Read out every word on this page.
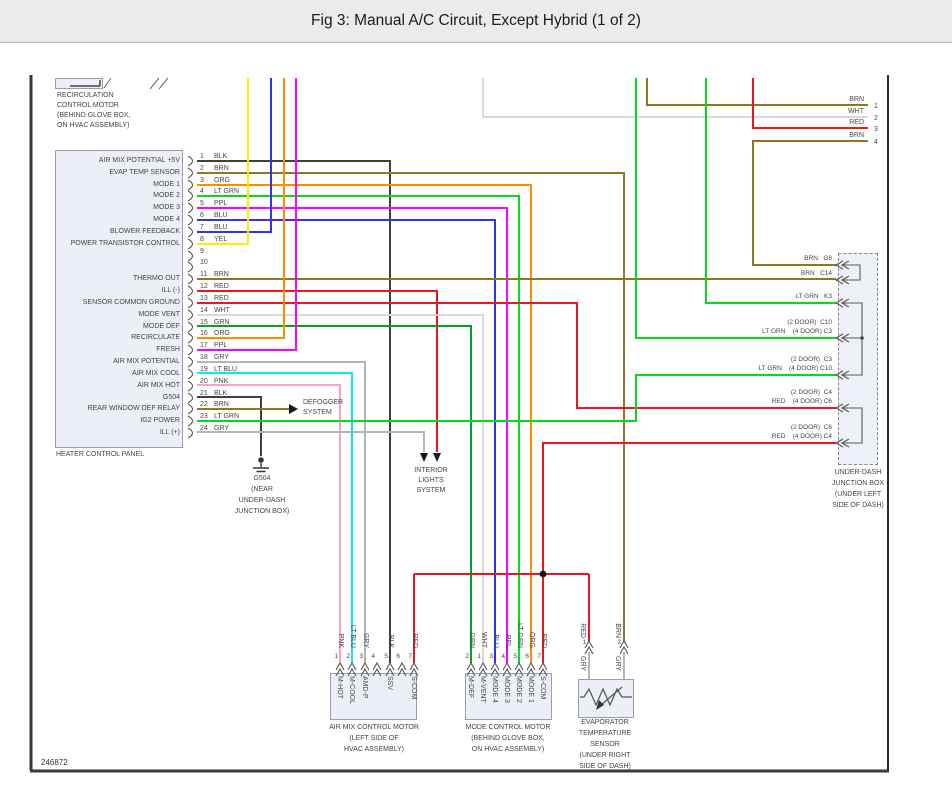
Fig 3: Manual A/C Circuit, Except Hybrid (1 of 2)
RECIRCULATION
CONTROL MOTOR
(BEHIND GLOVE BOX,
ON HVAC ASSEMBLY)
HEATER CONTROL PANEL
DEFOGGER
SYSTEM
INTERIOR
LIGHTS
SYSTEM
G504
(NEAR
UNDER-DASH
JUNCTION BOX)
UNDER-DASH
JUNCTION BOX
(UNDER LEFT
SIDE OF DASH)
AIR MIX CONTROL MOTOR
(LEFT SIDE OF
HVAC ASSEMBLY)
MODE CONTROL MOTOR
(BEHIND GLOVE BOX,
ON HVAC ASSEMBLY)
EVAPORATOR
TEMPERATURE
SENSOR
(UNDER RIGHT
SIDE OF DASH)
246872
AIR MIX POTENTIAL +5V
1 BLK
EVAP TEMP SENSOR
2 BRN
MODE 1
3 ORG
MODE 2
4 LT GRN
MODE 3
5 PPL
MODE 4
6 BLU
BLOWER FEEDBACK
7 BLU
POWER TRANSISTOR CONTROL
8 YEL
9
10
THERMO OUT
11 BRN
ILL (-)
12 RED
SENSOR COMMON GROUND
13 RED
MODE VENT
14 WHT
MODE DEF
15 GRN
RECIRCULATE
16 ORG
FRESH
17 PPL
AIR MIX POTENTIAL
18 GRY
AIR MIX COOL
19 LT BLU
AIR MIX HOT
20 PNK
G504
21 BLK
REAR WINDOW DEF RELAY
22 BRN
IG2 POWER
23 LT GRN
ILL (+)
24 GRY
BRN
1
WHT
2
RED
3
BRN
4
BRN   G8
BRN   C14
LT GRN   K3
(2 DOOR)  C10
LT GRN    (4 DOOR) C3
(2 DOOR)  C3
LT GRN    (4 DOOR) C10
(2 DOOR)  C4
RED    (4 DOOR) C6
(2 DOOR)  C6
RED    (4 DOOR) C4
1
PNK
M-HOT
2
LT BLU
M-COOL
3
GRY
AMD-P
4	5
BLK
SSV
6	7
RED
S-COM
2
GRN
M-DEF
1
WHT
M-VENT
3
BLU
MODE 4
4
PPL
MODE 3
5
LT GRN
MODE 2
6
ORG
MODE 1
7
RED
S-COM
1
RED
GRY
2
BRN
GRY
